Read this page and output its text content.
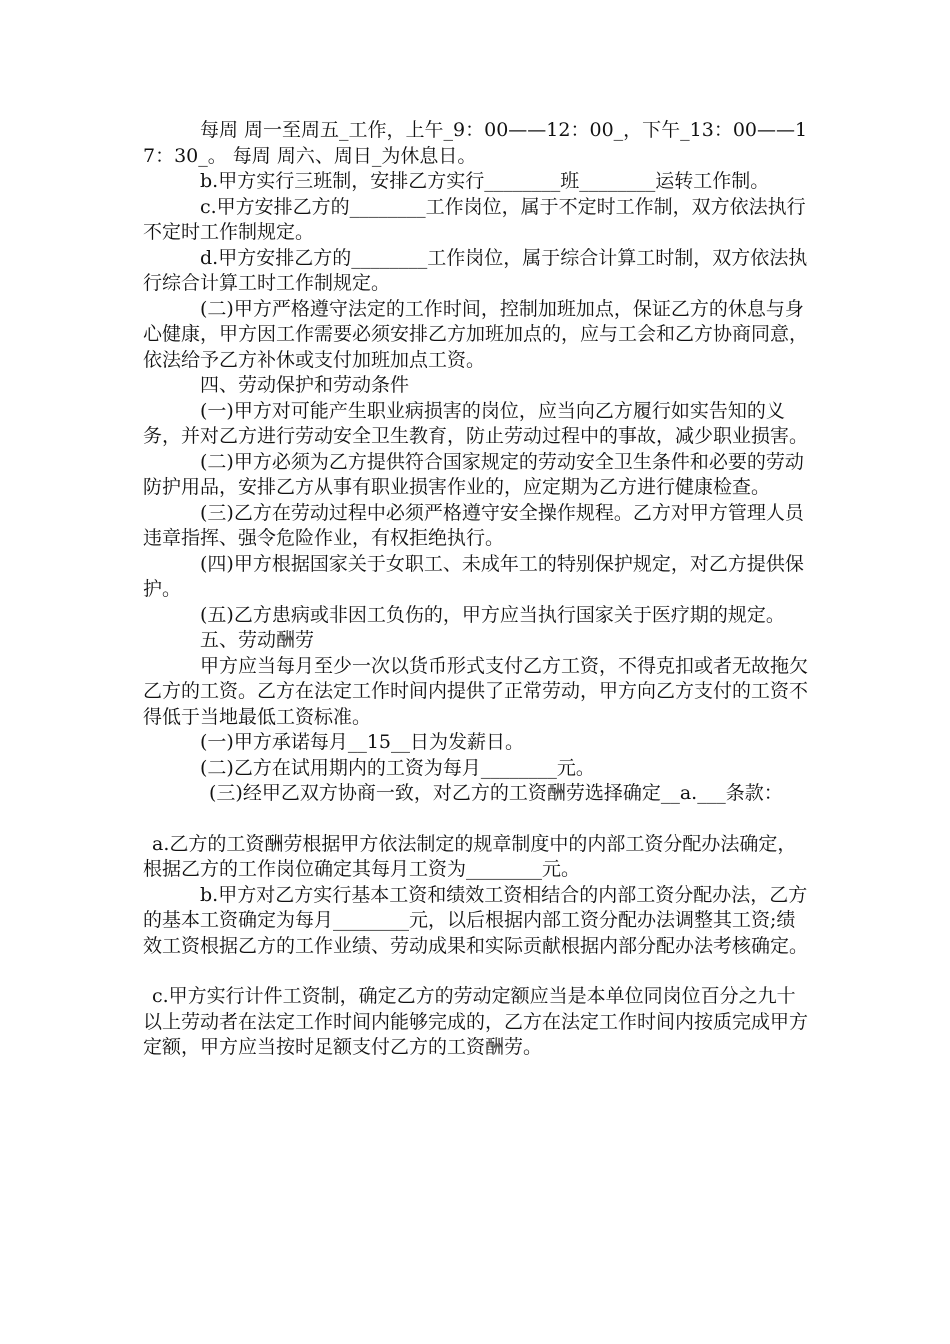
每周 周一至周五_工作，上午_9：00——12：00_，下午_13：00——17：30_。 每周 周六、周日_为休息日。

b.甲方实行三班制，安排乙方实行________班________运转工作制。

c.甲方安排乙方的________工作岗位，属于不定时工作制，双方依法执行不定时工作制规定。

d.甲方安排乙方的________工作岗位，属于综合计算工时制，双方依法执行综合计算工时工作制规定。

(二)甲方严格遵守法定的工作时间，控制加班加点，保证乙方的休息与身心健康，甲方因工作需要必须安排乙方加班加点的，应与工会和乙方协商同意，依法给予乙方补休或支付加班加点工资。

四、劳动保护和劳动条件

(一)甲方对可能产生职业病损害的岗位，应当向乙方履行如实告知的义务，并对乙方进行劳动安全卫生教育，防止劳动过程中的事故，减少职业损害。

(二)甲方必须为乙方提供符合国家规定的劳动安全卫生条件和必要的劳动防护用品，安排乙方从事有职业损害作业的，应定期为乙方进行健康检查。

(三)乙方在劳动过程中必须严格遵守安全操作规程。乙方对甲方管理人员违章指挥、强令危险作业，有权拒绝执行。

(四)甲方根据国家关于女职工、未成年工的特别保护规定，对乙方提供保护。

(五)乙方患病或非因工负伤的，甲方应当执行国家关于医疗期的规定。

五、劳动酬劳

甲方应当每月至少一次以货币形式支付乙方工资，不得克扣或者无故拖欠乙方的工资。乙方在法定工作时间内提供了正常劳动，甲方向乙方支付的工资不得低于当地最低工资标准。

(一)甲方承诺每月__15__日为发薪日。

(二)乙方在试用期内的工资为每月________元。

(三)经甲乙双方协商一致，对乙方的工资酬劳选择确定__a.___条款：

a.乙方的工资酬劳根据甲方依法制定的规章制度中的内部工资分配办法确定，根据乙方的工作岗位确定其每月工资为________元。

b.甲方对乙方实行基本工资和绩效工资相结合的内部工资分配办法，乙方的基本工资确定为每月________元，以后根据内部工资分配办法调整其工资;绩效工资根据乙方的工作业绩、劳动成果和实际贡献根据内部分配办法考核确定。

c.甲方实行计件工资制，确定乙方的劳动定额应当是本单位同岗位百分之九十以上劳动者在法定工作时间内能够完成的，乙方在法定工作时间内按质完成甲方定额，甲方应当按时足额支付乙方的工资酬劳。
